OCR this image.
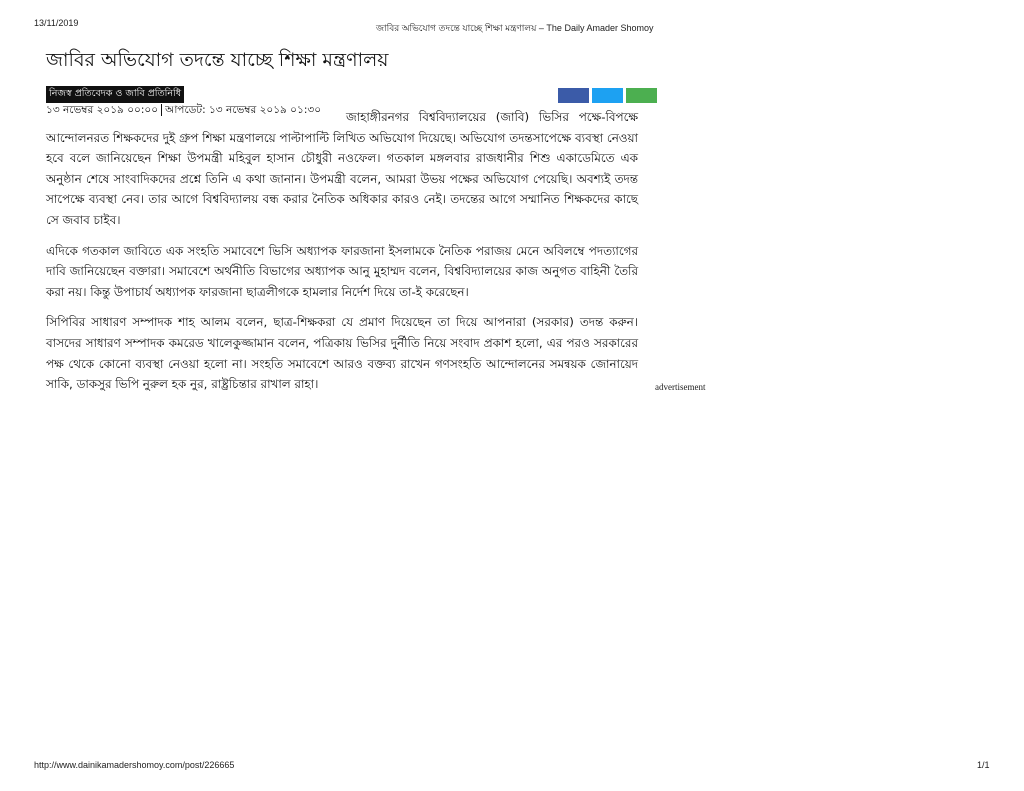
13/11/2019	জাবির অভিযোগ তদন্তে যাচ্ছে শিক্ষা মন্ত্রণালয় – The Daily Amader Shomoy
জাবির অভিযোগ তদন্তে যাচ্ছে শিক্ষা মন্ত্রণালয়
নিজস্ব প্রতিবেদক ও জাবি প্রতিনিধি
১৩ নভেম্বর ২০১৯ ০০:০০ আপডেট: ১৩ নভেম্বর ২০১৯ ০১:৩০	জাহাঙ্গীরনগর বিশ্ববিদ্যালয়ের (জাবি) ভিসির পক্ষে-বিপক্ষে আন্দোলনরত শিক্ষকদের দুই গ্রুপ শিক্ষা মন্ত্রণালয়ে পাল্টাপাল্টি লিখিত অভিযোগ দিয়েছে। অভিযোগ তদন্তসাপেক্ষে ব্যবস্থা নেওয়া হবে বলে জানিয়েছেন শিক্ষা উপমন্ত্রী মহিবুল হাসান চৌধুরী নওফেল। গতকাল মঙ্গলবার রাজধানীর শিশু একাডেমিতে এক অনুষ্ঠান শেষে সাংবাদিকদের প্রশ্নে তিনি এ কথা জানান। উপমন্ত্রী বলেন, আমরা উভয় পক্ষের অভিযোগ পেয়েছি। অবশ্যই তদন্ত সাপেক্ষে ব্যবস্থা নেব। তার আগে বিশ্ববিদ্যালয় বন্ধ করার নৈতিক অধিকার কারও নেই। তদন্তের আগে সম্মানিত শিক্ষকদের কাছে সে জবাব চাইব।

এদিকে গতকাল জাবিতে এক সংহতি সমাবেশে ভিসি অধ্যাপক ফারজানা ইসলামকে নৈতিক পরাজয় মেনে অবিলম্বে পদত্যাগের দাবি জানিয়েছেন বক্তারা। সমাবেশে অর্থনীতি বিভাগের অধ্যাপক আনু মুহাম্মদ বলেন, বিশ্ববিদ্যালয়ের কাজ অনুগত বাহিনী তৈরি করা নয়। কিন্তু উপাচার্য অধ্যাপক ফারজানা ছাত্রলীগকে হামলার নির্দেশ দিয়ে তা-ই করেছেন।

সিপিবির সাধারণ সম্পাদক শাহ আলম বলেন, ছাত্র-শিক্ষকরা যে প্রমাণ দিয়েছেন তা দিয়ে আপনারা (সরকার) তদন্ত করুন। বাসদের সাধারণ সম্পাদক কমরেড খালেকুজ্জামান বলেন, পত্রিকায় ভিসির দুর্নীতি নিয়ে সংবাদ প্রকাশ হলো, এর পরও সরকারের পক্ষ থেকে কোনো ব্যবস্থা নেওয়া হলো না। সংহতি সমাবেশে আরও বক্তব্য রাখেন গণসংহতি আন্দোলনের সমন্বয়ক জোনায়েদ সাকি, ডাকসুর ভিপি নুরুল হক নুর, রাষ্ট্রচিন্তার রাখাল রাহা।	advertisement
http://www.dainikamadershomoy.com/post/226665	1/1
